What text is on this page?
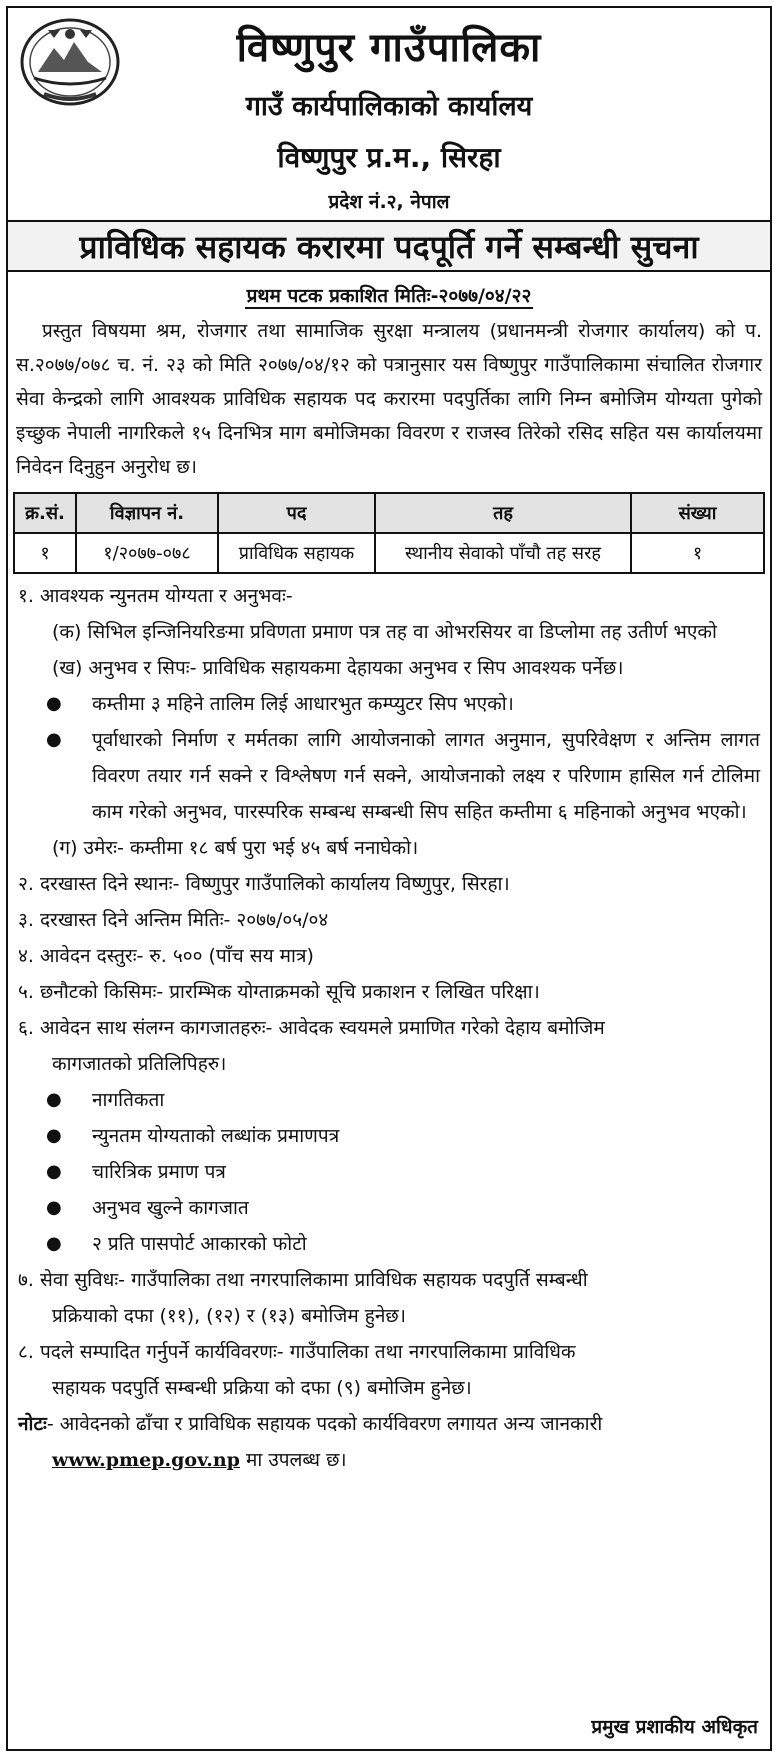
विष्णुपुर गाउँपालिका
गाउँ कार्यपालिकाको कार्यालय
विष्णुपुर प्र.म., सिरहा
प्रदेश नं.२, नेपाल
प्राविधिक सहायक करारमा पदपूर्ति गर्ने सम्बन्धी सुचना
प्रथम पटक प्रकाशित मितिः-२०७७/०४/२२

प्रस्तुत विषयमा श्रम, रोजगार तथा सामाजिक सुरक्षा मन्त्रालय (प्रधानमन्त्री रोजगार कार्यालय) को प. स.२०७७/०७८ च. नं. २३ को मिति २०७७/०४/१२ को पत्रानुसार यस विष्णुपुर गाउँपालिकामा संचालित रोजगार सेवा केन्द्रको लागि आवश्यक प्राविधिक सहायक पद करारमा पदपुर्तिका लागि निम्न बमोजिम योग्यता पुगेको इच्छुक नेपाली नागरिकले १५ दिनभित्र माग बमोजिमका विवरण र राजस्व तिरेको रसिद सहित यस कार्यालयमा निवेदन दिनुहुन अनुरोध छ।

क्र.सं.	विज्ञापन नं.	पद	तह	संख्या
१	१/२०७७-०७८	प्राविधिक सहायक	स्थानीय सेवाको पाँचौ तह सरह	१
१. आवश्यक न्युनतम योग्यता र अनुभवः-
(क) सिभिल इन्जिनियरिङमा प्रविणता प्रमाण पत्र तह वा ओभरसियर वा डिप्लोमा तह उतीर्ण भएको
(ख) अनुभव र सिपः- प्राविधिक सहायकमा देहायका अनुभव र सिप आवश्यक पर्नेछ।
●	कम्तीमा ३ महिने तालिम लिई आधारभुत कम्प्युटर सिप भएको।
●	पूर्वाधारको निर्माण र मर्मतका लागि आयोजनाको लागत अनुमान, सुपरिवेक्षण र अन्तिम लागत विवरण तयार गर्न सक्ने र विश्लेषण गर्न सक्ने, आयोजनाको लक्ष्य र परिणाम हासिल गर्न टोलिमा काम गरेको अनुभव, पारस्परिक सम्बन्ध सम्बन्धी सिप सहित कम्तीमा ६ महिनाको अनुभव भएको।
(ग) उमेरः- कम्तीमा १८ बर्ष पुरा भई ४५ बर्ष ननाघेको।
२. दरखास्त दिने स्थानः- विष्णुपुर गाउँपालिको कार्यालय विष्णुपुर, सिरहा।
३. दरखास्त दिने अन्तिम मितिः- २०७७/०५/०४
४. आवेदन दस्तुरः- रु. ५०० (पाँच सय मात्र)
५. छनौटको किसिमः- प्रारम्भिक योग्ताक्रमको सूचि प्रकाशन र लिखित परिक्षा।
६. आवेदन साथ संलग्न कागजातहरुः- आवेदक स्वयमले प्रमाणित गरेको देहाय बमोजिम
कागजातको प्रतिलिपिहरु।
●	नागतिकता
●	न्युनतम योग्यताको लब्धांक प्रमाणपत्र
●	चारित्रिक प्रमाण पत्र
●	अनुभव खुल्ने कागजात
●	२ प्रति पासपोर्ट आकारको फोटो
७. सेवा सुविधः- गाउँपालिका तथा नगरपालिकामा प्राविधिक सहायक पदपुर्ति सम्बन्धी
प्रक्रियाको दफा (११), (१२) र (१३) बमोजिम हुनेछ।
८. पदले सम्पादित गर्नुपर्ने कार्यविवरणः- गाउँपालिका तथा नगरपालिकामा प्राविधिक
सहायक पदपुर्ति सम्बन्धी प्रक्रिया को दफा (९) बमोजिम हुनेछ।
नोटः- आवेदनको ढाँचा र प्राविधिक सहायक पदको कार्यविवरण लगायत अन्य जानकारी
www.pmep.gov.np मा उपलब्ध छ।
प्रमुख प्रशाकीय अधिकृत
